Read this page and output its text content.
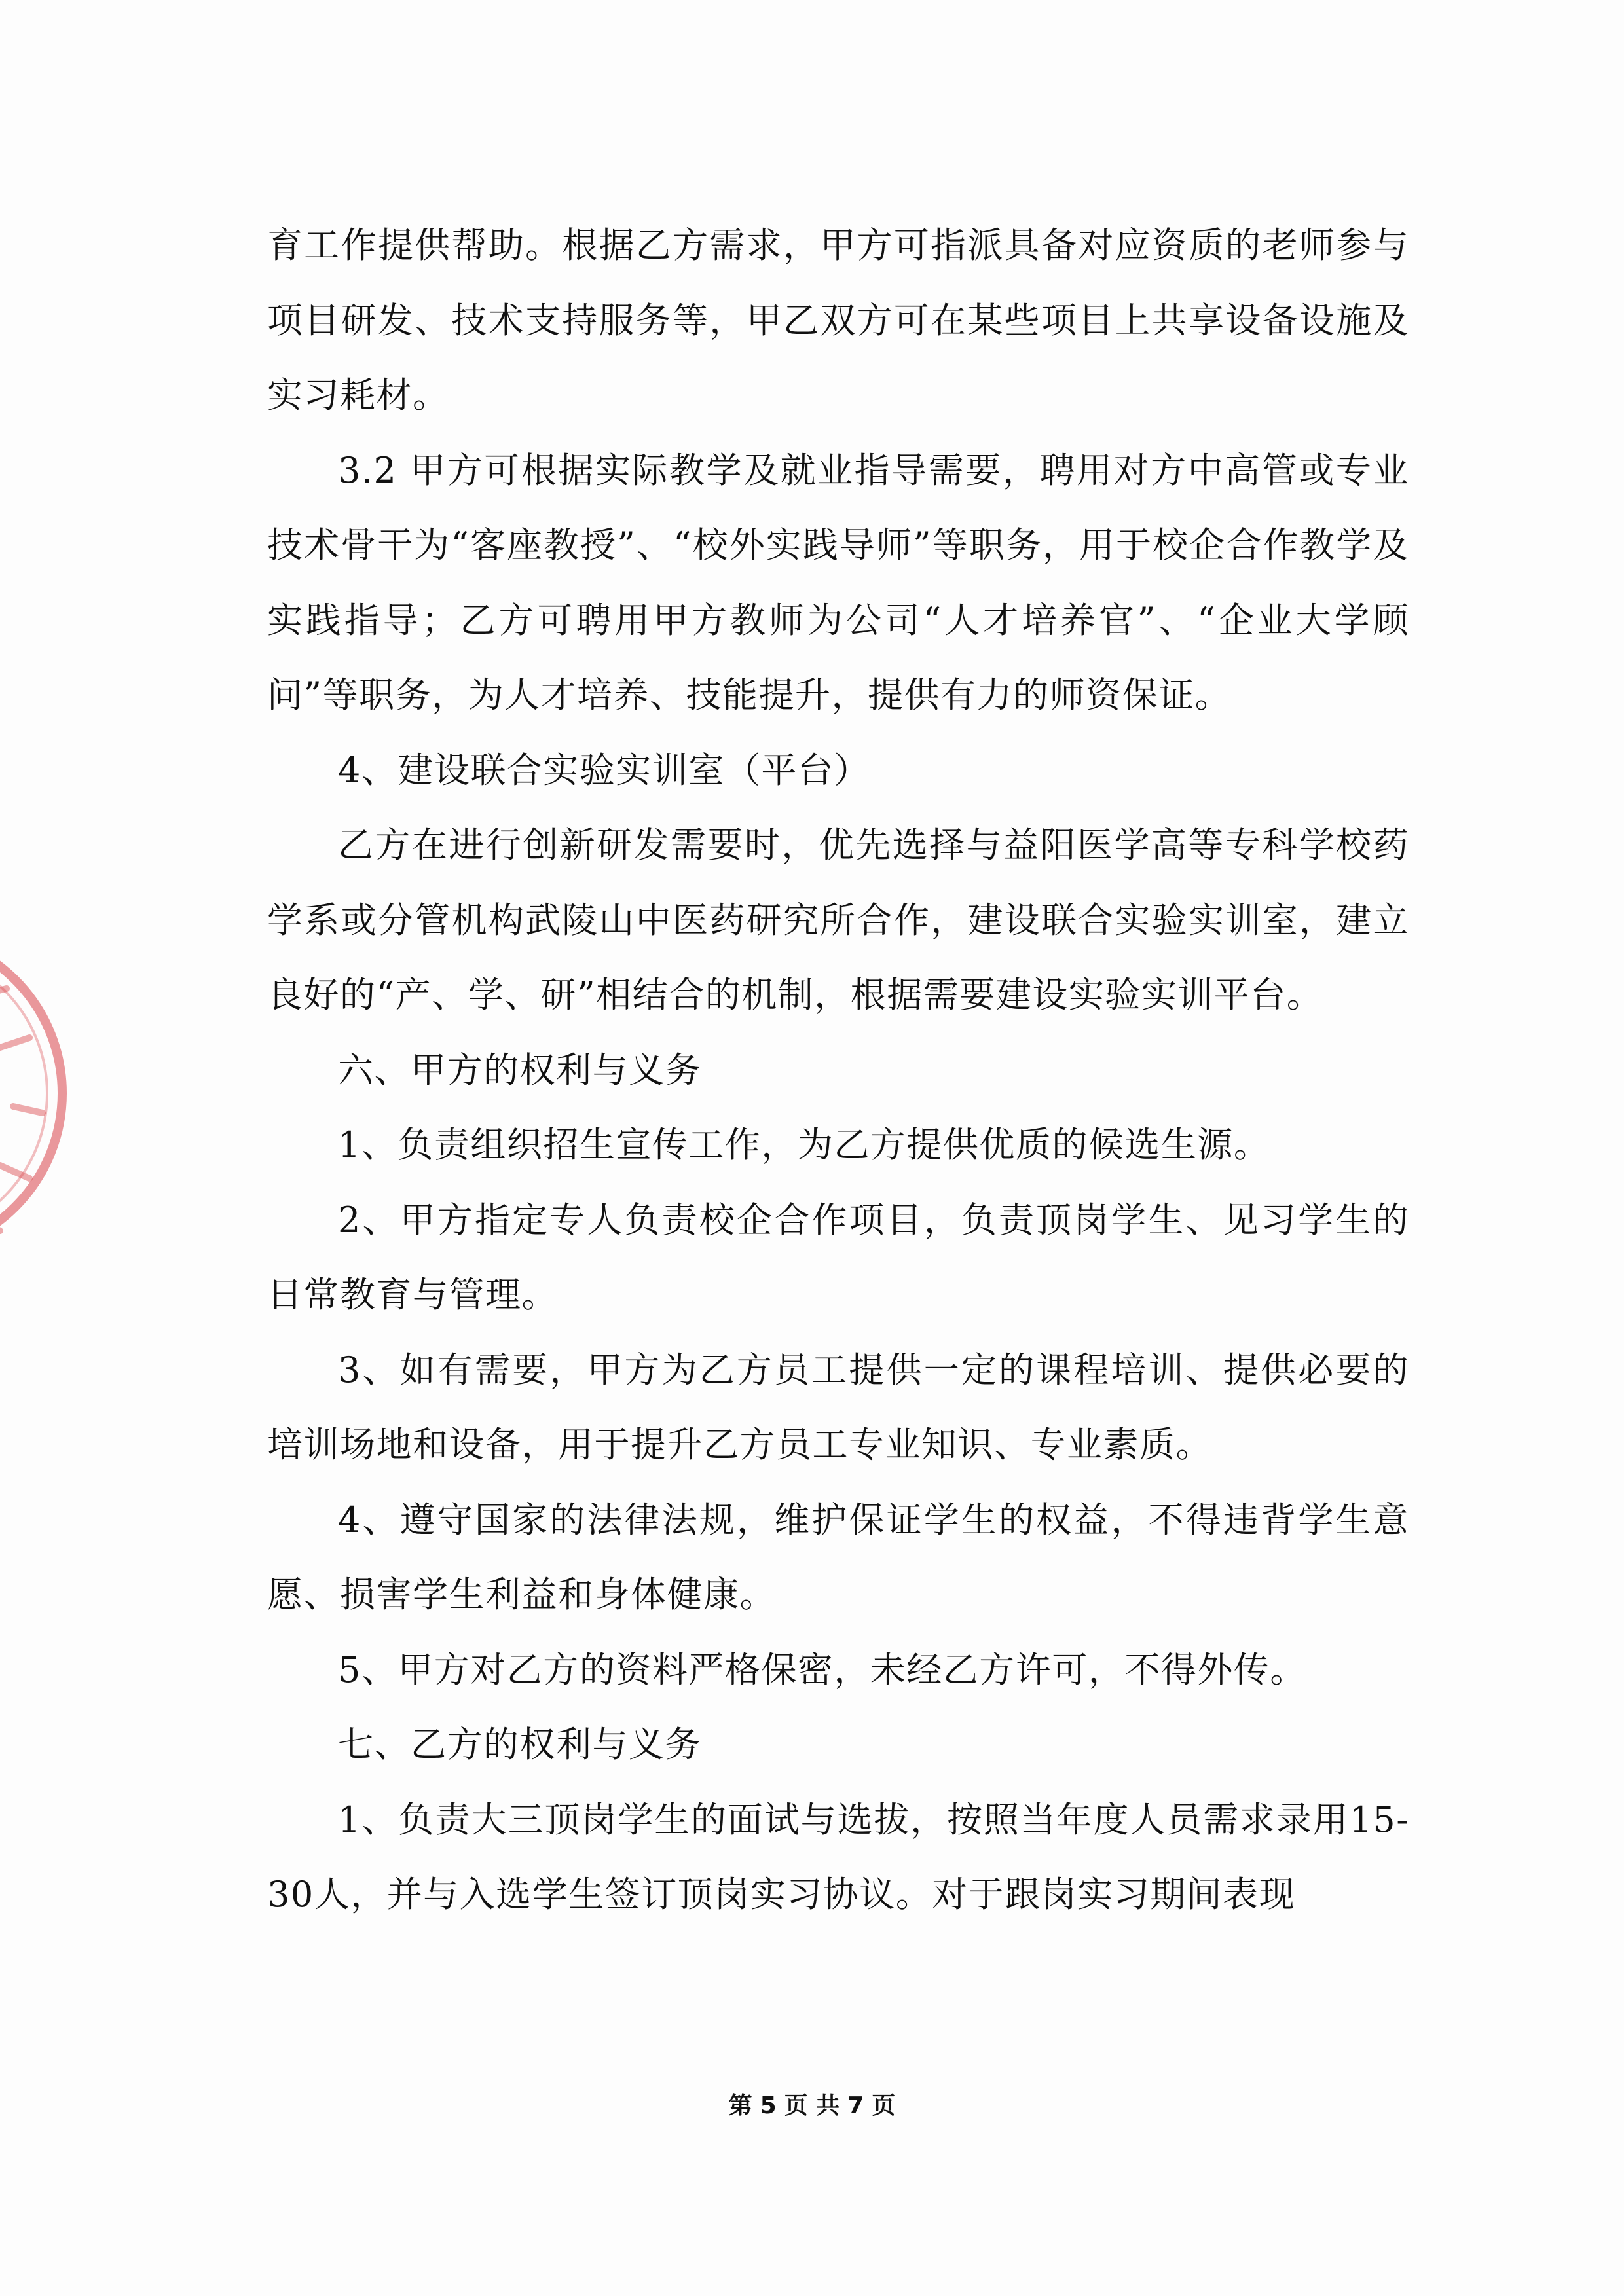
育工作提供帮助。根据乙方需求，甲方可指派具备对应资质的老师参与项目研发、技术支持服务等，甲乙双方可在某些项目上共享设备设施及实习耗材。

3.2 甲方可根据实际教学及就业指导需要，聘用对方中高管或专业技术骨干为“客座教授”、“校外实践导师”等职务，用于校企合作教学及实践指导；乙方可聘用甲方教师为公司“人才培养官”、“企业大学顾问”等职务，为人才培养、技能提升，提供有力的师资保证。

4、建设联合实验实训室（平台）

乙方在进行创新研发需要时，优先选择与益阳医学高等专科学校药学系或分管机构武陵山中医药研究所合作，建设联合实验实训室，建立良好的“产、学、研”相结合的机制，根据需要建设实验实训平台。

六、甲方的权利与义务

1、负责组织招生宣传工作，为乙方提供优质的候选生源。

2、甲方指定专人负责校企合作项目，负责顶岗学生、见习学生的日常教育与管理。

3、如有需要，甲方为乙方员工提供一定的课程培训、提供必要的培训场地和设备，用于提升乙方员工专业知识、专业素质。

4、遵守国家的法律法规，维护保证学生的权益，不得违背学生意愿、损害学生利益和身体健康。

5、甲方对乙方的资料严格保密，未经乙方许可，不得外传。

七、乙方的权利与义务

1、负责大三顶岗学生的面试与选拔，按照当年度人员需求录用15-30人，并与入选学生签订顶岗实习协议。对于跟岗实习期间表现

第 5 页 共 7 页
